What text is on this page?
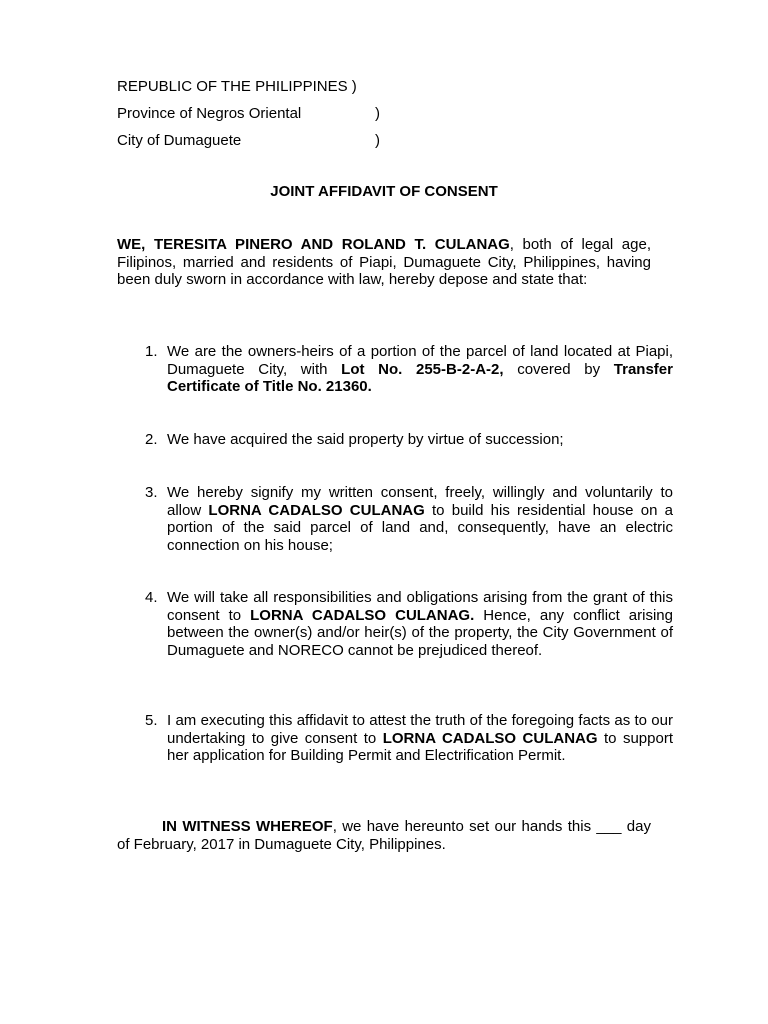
REPUBLIC OF THE PHILIPPINES )
Province of Negros Oriental	)
City of Dumaguete	)
JOINT AFFIDAVIT OF CONSENT
WE, TERESITA PINERO AND ROLAND T. CULANAG, both of legal age, Filipinos, married and residents of Piapi, Dumaguete City, Philippines, having been duly sworn in accordance with law, hereby depose and state that:
1. We are the owners-heirs of a portion of the parcel of land located at Piapi, Dumaguete City, with Lot No. 255-B-2-A-2, covered by Transfer Certificate of Title No. 21360.
2. We have acquired the said property by virtue of succession;
3. We hereby signify my written consent, freely, willingly and voluntarily to allow LORNA CADALSO CULANAG to build his residential house on a portion of the said parcel of land and, consequently, have an electric connection on his house;
4. We will take all responsibilities and obligations arising from the grant of this consent to LORNA CADALSO CULANAG. Hence, any conflict arising between the owner(s) and/or heir(s) of the property, the City Government of Dumaguete and NORECO cannot be prejudiced thereof.
5. I am executing this affidavit to attest the truth of the foregoing facts as to our undertaking to give consent to LORNA CADALSO CULANAG to support her application for Building Permit and Electrification Permit.
IN WITNESS WHEREOF, we have hereunto set our hands this ___ day of February, 2017 in Dumaguete City, Philippines.
